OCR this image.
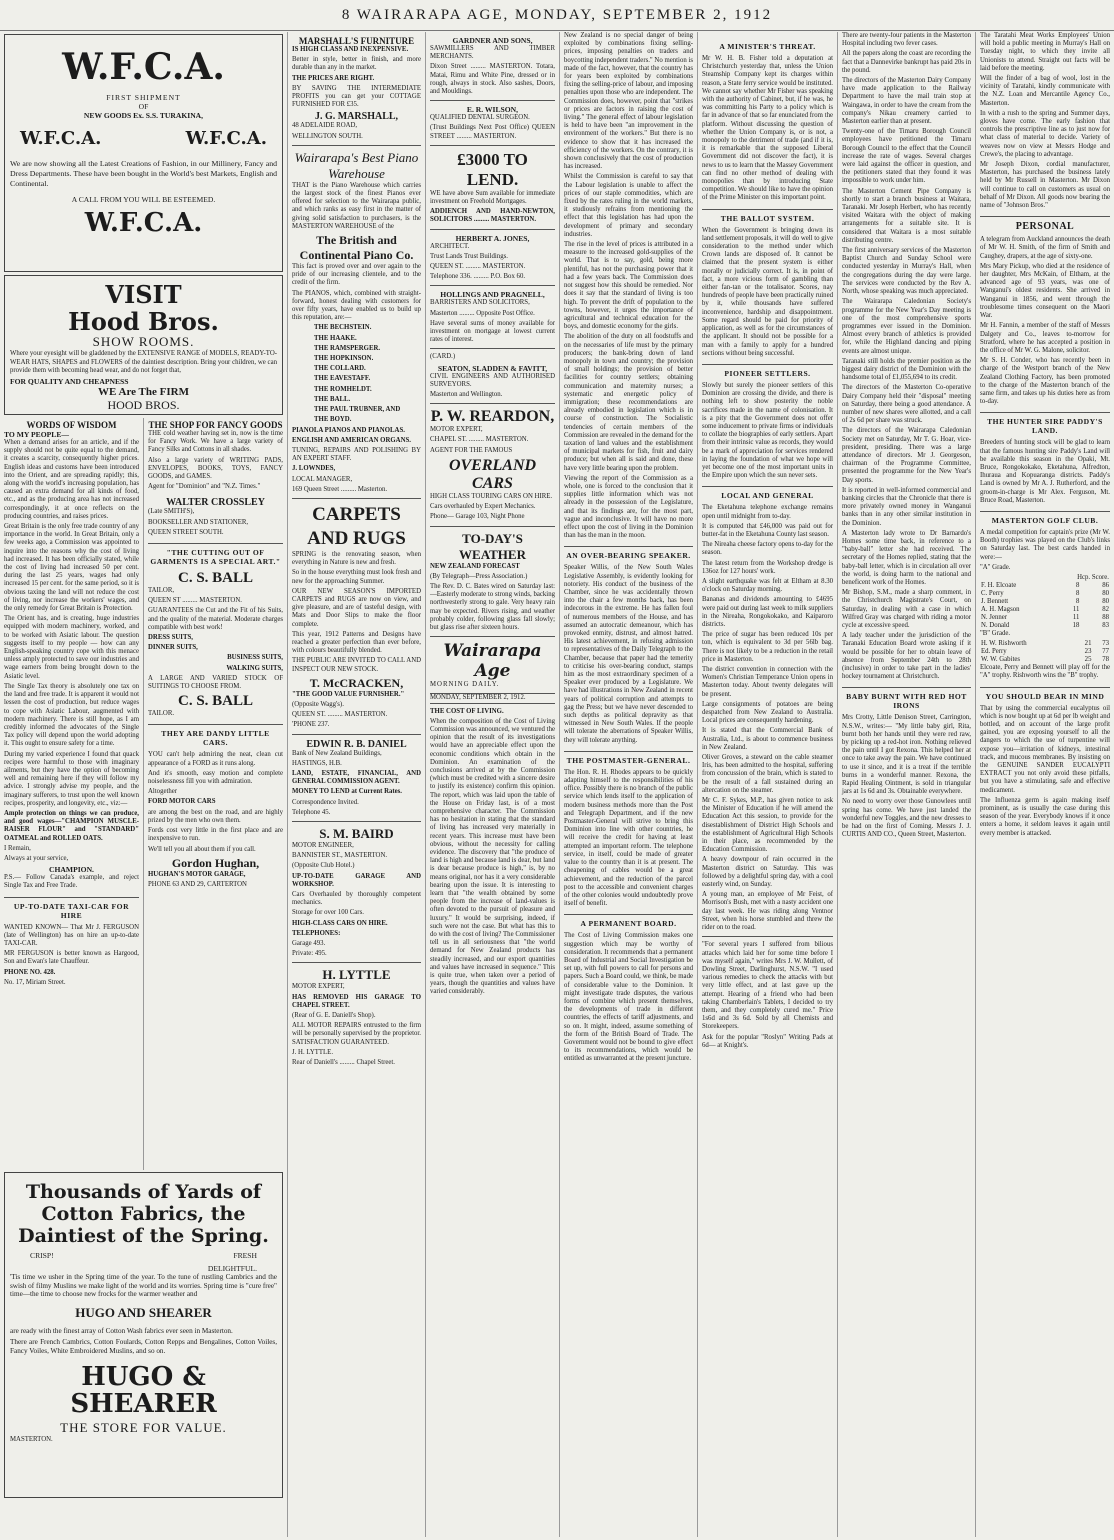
8 WAIRARAPA AGE, MONDAY, SEPTEMBER 2, 1912
W.F.C.A.
FIRST SHIPMENT
OF
NEW GOODS Ex. S.S. TURAKINA,
W.F.C.A.	W.F.C.A.
We are now showing all the Latest Creations of Fashion, in our Millinery, Fancy and Dress Departments. These have been bought in the World's best Markets, English and Continental.
A CALL FROM YOU WILL BE ESTEEMED.
W.F.C.A.
VISIT
Hood Bros.
SHOW ROOMS.
Where your eyesight will be gladdened by the EXTENSIVE RANGE of MODELS, READY-TO-WEAR HATS, SHAPES and FLOWERS of the daintiest description. Bring your children, we can provide them with becoming head wear, and do not forget that,
FOR QUALITY AND CHEAPNESS
WE Are The FIRM
HOOD BROS.
WORDS OF WISDOM
TO MY PEOPLE—
When a demand arises for an article, and if the supply should not be quite equal to the demand, it creates a scarcity, consequently higher prices. English ideas and customs have been introduced into the Orient, and are spreading rapidly; this, along with the world's increasing population, has caused an extra demand for all kinds of food, etc., and as the producing area has not increased correspondingly, it at once reflects on the producing countries, and raises prices.
Great Britain is the only free trade country of any importance in the world. In Great Britain, only a few weeks ago, a Commission was appointed to inquire into the reasons why the cost of living had increased. It has been officially stated, while the cost of living had increased 50 per cent. during the last 25 years, wages had only increased 15 per cent. for the same period, so it is obvious taxing the land will not reduce the cost of living, nor increase the workers' wages, and the only remedy for Great Britain is Protection.
The Orient has, and is creating, huge industries equipped with modern machinery, worked, and to be worked with Asiatic labour. The question suggests itself to my people — how can any English-speaking country cope with this menace unless amply protected to save our industries and wage earners from being brought down to the Asiatic level.
The Single Tax theory is absolutely one tax on the land and free trade. It is apparent it would not lessen the cost of production, but reduce wages to cope with Asiatic Labour, augmented with modern machinery. There is still hope, as I am credibly informed the advocates of the Single Tax policy will depend upon the world adopting it. This ought to ensure safety for a time.
During my varied experience I found that quack recipes were harmful to those with imaginary ailments, but they have the option of becoming well and remaining here if they will follow my advice. I strongly advise my people, and the imaginary sufferers, to trust upon the well known recipes, prosperity, and longevity, etc., viz:—
Ample protection on things we can produce, and good wages—"CHAMPION MUSCLE-RAISER FLOUR" and "STANDARD" OATMEAL and ROLLED OATS.
I Remain,
Always at your service,
CHAMPION.
P.S.— Follow Canada's example, and reject Single Tax and Free Trade.
UP-TO-DATE TAXI-CAR FOR HIRE
WANTED KNOWN— That Mr J. FERGUSON (late of Wellington) has on hire an up-to-date TAXI-CAR.
MR FERGUSON is better known as Hargood, Son and Ewan's late Chauffeur.
PHONE NO. 428.
No. 17, Miriam Street.
THE SHOP FOR FANCY GOODS
THE cold weather having set in, now is the time for Fancy Work. We have a large variety of Fancy Silks and Cottons in all shades.
Also a large variety of WRITING PADS, ENVELOPES, BOOKS, TOYS, FANCY GOODS, and GAMES.
Agent for "Dominion" and "N.Z. Times."
WALTER CROSSLEY
(Late SMITH'S),
BOOKSELLER AND STATIONER,
QUEEN STREET SOUTH.
"THE CUTTING OUT OF GARMENTS IS A SPECIAL ART."
C. S. BALL
TAILOR,
QUEEN ST ......... MASTERTON.
GUARANTEES the Cut and the Fit of his Suits, and the quality of the material. Moderate charges compatible with best work!
DRESS SUITS,
DINNER SUITS,
BUSINESS SUITS,
WALKING SUITS,
A LARGE AND VARIED STOCK OF SUITINGS TO CHOOSE FROM.
C. S. BALL
TAILOR.
THEY ARE DANDY LITTLE CARS.
YOU can't help admiring the neat, clean cut appearance of a FORD as it runs along.
And it's smooth, easy motion and complete noiselessness fill you with admiration.
Altogether
FORD MOTOR CARS
are among the best on the road, and are highly prized by the men who own them.
Fords cost very little in the first place and are inexpensive to run.
We'll tell you all about them if you call.
Gordon Hughan,
HUGHAN'S MOTOR GARAGE,
PHONE 63 AND 29, CARTERTON
Thousands of Yards of Cotton Fabrics, the Daintiest of the Spring.
CRISP!	FRESH
DELIGHTFUL.
'Tis time we usher in the Spring time of the year. To the tune of rustling Cambrics and the swish of filmy Muslins we make light of the world and its worries. Spring time is "cure free" time—the time to choose new frocks for the warmer weather and
HUGO AND SHEARER
are ready with the finest array of Cotton Wash fabrics ever seen in Masterton.
There are French Cambrics, Cotton Foulards, Cotton Repps and Bengalines, Cotton Voiles, Fancy Voiles, White Embroidered Muslins, and so on.
HUGO & SHEARER
THE STORE FOR VALUE.
MASTERTON.
MARSHALL'S FURNITURE
IS HIGH CLASS AND INEXPENSIVE.
Better in style, better in finish, and more durable than any in the market.
THE PRICES ARE RIGHT.
BY SAVING THE INTERMEDIATE PROFITS you can get your COTTAGE FURNISHED FOR £35.
J. G. MARSHALL,
48 ADELAIDE ROAD,
WELLINGTON SOUTH.
Wairarapa's Best Piano Warehouse
THAT is the Piano Warehouse which carries the largest stock of the finest Pianos ever offered for selection to the Wairarapa public, and which ranks as easy first in the matter of giving solid satisfaction to purchasers, is the MASTERTON WAREHOUSE of the
The British and Continental Piano Co.
This fact is proved over and over again to the pride of our increasing clientele, and to the credit of the firm.
The PIANOS, which, combined with straight-forward, honest dealing with customers for over fifty years, have enabled us to build up this reputation, are:—
THE BECHSTEIN.
THE HAAKE.
THE RAMSPERGER.
THE HOPKINSON.
THE COLLARD.
THE EAVESTAFF.
THE ROMHELDT.
THE BALL.
THE PAUL TRUBNER, AND
THE BOYD.
PIANOLA PIANOS AND PIANOLAS.
ENGLISH AND AMERICAN ORGANS.
TUNING, REPAIRS AND POLISHING BY AN EXPERT STAFF.
J. LOWNDES,
LOCAL MANAGER,
169 Queen Street ......... Masterton.
CARPETS AND RUGS
SPRING is the renovating season, when everything in Nature is new and fresh.
So in the house everything must look fresh and new for the approaching Summer.
OUR NEW SEASON'S IMPORTED CARPETS and RUGS are now on view, and give pleasure, and are of tasteful design, with Mats and Door Slips to make the floor complete.
This year, 1912 Patterns and Designs have reached a greater perfection than ever before, with colours beautifully blended.
THE PUBLIC ARE INVITED TO CALL AND INSPECT OUR NEW STOCK.
T. McCRACKEN,
"THE GOOD VALUE FURNISHER."
(Opposite Wagg's).
QUEEN ST. ......... MASTERTON.
'PHONE 237.
EDWIN R. B. DANIEL
Bank of New Zealand Buildings,
HASTINGS, H.B.
LAND, ESTATE, FINANCIAL, AND GENERAL COMMISSION AGENT.
MONEY TO LEND at Current Rates.
Correspondence Invited.
Telephone 45.
S. M. BAIRD
MOTOR ENGINEER,
BANNISTER ST., MASTERTON.
(Opposite Club Hotel.)
UP-TO-DATE GARAGE AND WORKSHOP.
Cars Overhauled by thoroughly competent mechanics.
Storage for over 100 Cars.
HIGH-CLASS CARS ON HIRE.
TELEPHONES:
Garage 493.
Private: 495.
H. LYTTLE
MOTOR EXPERT,
HAS REMOVED HIS GARAGE TO CHAPEL STREET.
(Rear of G. E. Daniell's Shop).
ALL MOTOR REPAIRS entrusted to the firm will be personally supervised by the proprietor. SATISFACTION GUARANTEED.
J. H. LYTTLE.
Rear of Daniell's ......... Chapel Street.
GARDNER AND SONS,
SAWMILLERS AND TIMBER MERCHANTS.
Dixon Street ......... MASTERTON. Totara, Matai, Rimu and White Pine, dressed or in rough, always in stock. Also sashes, Doors, and Mouldings.
E. R. WILSON,
QUALIFIED DENTAL SURGEON.
(Trust Buildings Next Post Office) QUEEN STREET ......... MASTERTON.
£3000 TO LEND.
WE have above Sum available for immediate investment on Freehold Mortgages.
ADDIENCH AND HAND-NEWTON, SOLICITORS ......... MASTERTON.
HERBERT A. JONES,
ARCHITECT.
Trust Lands Trust Buildings.
QUEEN ST. ......... MASTERTON.
Telephone 336. ......... P.O. Box 60.
HOLLINGS AND PRAGNELL,
BARRISTERS AND SOLICITORS,
Masterton ......... Opposite Post Office.
Have several sums of money available for investment on mortgage at lowest current rates of interest.
(CARD.)
SEATON, SLADDEN & FAVITT,
CIVIL ENGINEERS AND AUTHORISED SURVEYORS.
Masterton and Wellington.
P. W. REARDON,
MOTOR EXPERT,
CHAPEL ST. ......... MASTERTON.
AGENT FOR THE FAMOUS
OVERLAND CARS
HIGH CLASS TOURING CARS ON HIRE.
Cars overhauled by Expert Mechanics.
Phone— Garage 103, Night Phone
TO-DAY'S WEATHER
NEW ZEALAND FORECAST
(By Telegraph—Press Association.)
The Rev. D. C. Bates wired on Saturday last:—Easterly moderate to strong winds, backing northwesterly strong to gale. Very heavy rain may be expected. Rivers rising, and weather probably colder, following glass fall slowly; but glass rise after sixteen hours.
Wairarapa Age
MORNING DAILY.
MONDAY, SEPTEMBER 2, 1912.
THE COST OF LIVING.
When the composition of the Cost of Living Commission was announced, we ventured the opinion that the result of its investigations would have an appreciable effect upon the economic conditions which obtain in the Dominion. An examination of the conclusions arrived at by the Commission (which must be credited with a sincere desire to justify its existence) confirm this opinion. The report, which was laid upon the table of the House on Friday last, is of a most comprehensive character. The Commission has no hesitation in stating that the standard of living has increased very materially in recent years. This increase must have been obvious, without the necessity for calling evidence. The discovery that "the produce of land is high and because land is dear, but land is dear because produce is high," is, by no means original, nor has it a very considerable bearing upon the issue. It is interesting to learn that "the wealth obtained by some people from the increase of land-values is often devoted to the pursuit of pleasure and luxury." It would be surprising, indeed, if such were not the case. But what has this to do with the cost of living? The Commissioner tell us in all seriousness that "the world demand for New Zealand products has steadily increased, and our export quantities and values have increased in sequence." This is quite true, when taken over a period of years, though the quantities and values have varied considerably.
New Zealand is no special danger of being exploited by combinations fixing selling-prices, imposing penalties on traders and boycotting independent traders." No mention is made of the fact, however, that the country has for years been exploited by combinations fixing the selling-price of labour, and imposing penalties upon those who are independent. The Commission does, however, point that "strikes or prices are factors in raising the cost of living." The general effect of labour legislation is held to have been "an improvement in the environment of the workers." But there is no evidence to show that it has increased the efficiency of the workers. On the contrary, it is shown conclusively that the cost of production has increased.
Whilst the Commission is careful to say that the Labour legislation is unable to affect the prices of our staple commodities, which are fixed by the rates ruling in the world markets, it studiously refrains from mentioning the effect that this legislation has had upon the development of primary and secondary industries.
The rise in the level of prices is attributed in a measure to the increased gold-supplies of the world. That is to say, gold, being more plentiful, has not the purchasing power that it had a few years back. The Commission does not suggest how this should be remedied. Nor does it say that the standard of living is too high. To prevent the drift of population to the towns, however, it urges the importance of agricultural and technical education for the boys, and domestic economy for the girls.
The abolition of the duty on all foodstuffs and on the necessaries of life must by the primary producers; the bank-bring down of land monopoly in town and country; the provision of small holdings; the provision of better facilities for country settlers; obtaining communication and maternity nurses; a systematic and energetic policy of immigration; these recommendations are already embodied in legislation which is in course of construction. The Socialistic tendencies of certain members of the Commission are revealed in the demand for the taxation of land values and the establishment of municipal markets for fish, fruit and dairy produce; but when all is said and done, these have very little bearing upon the problem.
Viewing the report of the Commission as a whole, one is forced to the conclusion that it supplies little information which was not already in the possession of the Legislature, and that its findings are, for the most part, vague and inconclusive. It will have no more effect upon the cost of living in the Dominion than has the man in the moon.
AN OVER-BEARING SPEAKER.
Speaker Willis, of the New South Wales Legislative Assembly, is evidently looking for notoriety. His conduct of the business of the Chamber, since he was accidentally thrown into the chair a few months back, has been indecorous in the extreme. He has fallen foul of numerous members of the House, and has assumed an autocratic demeanour, which has provoked enmity, distrust, and almost hatred. His latest achievement, in refusing admission to representatives of the Daily Telegraph to the Chamber, because that paper had the temerity to criticise his over-bearing conduct, stamps him as the most extraordinary specimen of a Speaker ever produced by a Legislature. We have had illustrations in New Zealand in recent years of political corruption and attempts to gag the Press; but we have never descended to such depths as political depravity as that witnessed in New South Wales. If the people will tolerate the aberrations of Speaker Willis, they will tolerate anything.
THE POSTMASTER-GENERAL.
The Hon. R. H. Rhodes appears to be quickly adapting himself to the responsibilities of his office. Possibly there is no branch of the public service which lends itself to the application of modern business methods more than the Post and Telegraph Department, and if the new Postmaster-General will strive to bring this Dominion into line with other countries, he will receive the credit for having at least attempted an important reform. The telephone service, in itself, could be made of greater value to the country than it is at present. The cheapening of cables would be a great achievement, and the reduction of the parcel post to the accessible and convenient charges of the other colonies would undoubtedly prove itself of benefit.
A PERMANENT BOARD.
The Cost of Living Commission makes one suggestion which may be worthy of consideration. It recommends that a permanent Board of Industrial and Social Investigation be set up, with full powers to call for persons and papers. Such a Board could, we think, be made of considerable value to the Dominion. It might investigate trade disputes, the various forms of combine which present themselves, the developments of trade in different countries, the effects of tariff adjustments, and so on. It might, indeed, assume something of the form of the British Board of Trade. The Government would not be bound to give effect to its recommendations, which would be entitled as unwarranted at the present juncture.
A MINISTER'S THREAT.
Mr W. H. B. Fisher told a deputation at Christchurch yesterday that, unless the Union Steamship Company kept its charges within reason, a State ferry service would be instituted. We cannot say whether Mr Fisher was speaking with the authority of Cabinet, but, if he was, he was committing his Party to a policy which is far in advance of that so far enunciated from the platform. Without discussing the question of whether the Union Company is, or is not, a monopoly to the detriment of trade (and if it is, it is remarkable that the supposed Liberal Government did not discover the fact), it is news to us to learn that the Massey Government can find no other method of dealing with monopolies than by introducing State competition. We should like to have the opinion of the Prime Minister on this important point.
THE BALLOT SYSTEM.
When the Government is bringing down its land settlement proposals, it will do well to give consideration to the method under which Crown lands are disposed of. It cannot be claimed that the present system is either morally or judicially correct. It is, in point of fact, a more vicious form of gambling than either fan-tan or the totalisator. Scores, nay hundreds of people have been practically ruined by it, while thousands have suffered inconvenience, hardship and disappointment. Some regard should be paid for priority of application, as well as for the circumstances of the applicant. It should not be possible for a man with a family to apply for a hundred sections without being successful.
PIONEER SETTLERS.
Slowly but surely the pioneer settlers of this Dominion are crossing the divide, and there is nothing left to show posterity the noble sacrifices made in the name of colonisation. It is a pity that the Government does not offer some inducement to private firms or individuals to collate the biographies of early settlers. Apart from their intrinsic value as records, they would be a mark of appreciation for services rendered in laying the foundation of what we hope will yet become one of the most important units in the Empire upon which the sun never sets.
LOCAL AND GENERAL
The Eketahuna telephone exchange remains open until midnight from to-day.
It is computed that £46,000 was paid out for butter-fat in the Eketahuna County last season.
The Nireaha cheese factory opens to-day for the season.
The latest return from the Workshop dredge is 136oz for 127 hours' work.
A slight earthquake was felt at Eltham at 8.30 o'clock on Saturday morning.
Bananas and dividends amounting to £4695 were paid out during last week to milk suppliers in the Nireaha, Rongokokako, and Kaiparoro districts.
The price of sugar has been reduced 10s per ton, which is equivalent to 3d per 56lb bag. There is not likely to be a reduction in the retail price in Masterton.
The district convention in connection with the Women's Christian Temperance Union opens in Masterton today. About twenty delegates will be present.
Large consignments of potatoes are being despatched from New Zealand to Australia. Local prices are consequently hardening.
It is stated that the Commercial Bank of Australia, Ltd., is about to commence business in New Zealand.
Oliver Groves, a steward on the cable steamer Iris, has been admitted to the hospital, suffering from concussion of the brain, which is stated to be the result of a fall sustained during an altercation on the steamer.
Mr C. F. Sykes, M.P., has given notice to ask the Minister of Education if he will amend the Education Act this session, to provide for the disestablishment of District High Schools and the establishment of Agricultural High Schools in their place, as recommended by the Education Commission.
A heavy downpour of rain occurred in the Masterton district on Saturday. This was followed by a delightful spring day, with a cool easterly wind, on Sunday.
A young man, an employee of Mr Feist, of Morrison's Bush, met with a nasty accident one day last week. He was riding along Ventnor Street, when his horse stumbled and threw the rider on to the road.
"For several years I suffered from bilious attacks which laid her for some time before I was myself again," writes Mrs J. W. Mullett, of Dowling Street, Darlinghurst, N.S.W. "I used various remedies to check the attacks with but very little effect, and at last gave up the attempt. Hearing of a friend who had been taking Chamberlain's Tablets, I decided to try them, and they completely cured me." Price 1s6d and 3s 6d. Sold by all Chemists and Storekeepers.
Ask for the popular "Roslyn" Writing Pads at 6d— at Knight's.
There are twenty-four patients in the Masterton Hospital including two fever cases.
All the papers along the coast are recording the fact that a Dannevirke bankrupt has paid 20s in the pound.
The directors of the Masterton Dairy Company have made application to the Railway Department to have the mail train stop at Waingawa, in order to have the cream from the company's Nikau creamery carried to Masterton earlier than at present.
Twenty-one of the Timaru Borough Council employees have petitioned the Timaru Borough Council to the effect that the Council increase the rate of wages. Several charges were laid against the officer in question, and the petitioners stated that they found it was impossible to work under him.
The Masterton Cement Pipe Company is shortly to start a branch business at Waitara, Taranaki. Mr Joseph Herbert, who has recently visited Waitara with the object of making arrangements for a suitable site. It is considered that Waitara is a most suitable distributing centre.
The first anniversary services of the Masterton Baptist Church and Sunday School were conducted yesterday in Murray's Hall, when the congregations during the day were large. The services were conducted by the Rev A. North, whose speaking was much appreciated.
The Wairarapa Caledonian Society's programme for the New Year's Day meeting is one of the most comprehensive sports programmes ever issued in the Dominion. Almost every branch of athletics is provided for, while the Highland dancing and piping events are almost unique.
Taranaki still holds the premier position as the biggest dairy district of the Dominion with the handsome total of £1,055,694 to its credit.
The directors of the Masterton Co-operative Dairy Company held their "disposal" meeting on Saturday, there being a good attendance. A number of new shares were allotted, and a call of 2s 6d per share was struck.
The directors of the Wairarapa Caledonian Society met on Saturday, Mr T. G. Hoar, vice-president, presiding. There was a large attendance of directors. Mr J. Georgeson, chairman of the Programme Committee, presented the programme for the New Year's Day sports.
It is reported in well-informed commercial and banking circles that the Chronicle that there is more privately owned money in Wanganui banks than in any other similar institution in the Dominion.
A Masterton lady wrote to Dr Barnardo's Homes some time back, in reference to a "baby-ball" letter she had received. The secretary of the Homes replied, stating that the baby-ball letter, which is in circulation all over the world, is doing harm to the national and beneficent work of the Homes.
Mr Bishop, S.M., made a sharp comment, in the Christchurch Magistrate's Court, on Saturday, in dealing with a case in which Wilfred Gray was charged with riding a motor cycle at excessive speed.
A lady teacher under the jurisdiction of the Taranaki Education Board wrote asking if it would be possible for her to obtain leave of absence from September 24th to 28th (inclusive) in order to take part in the ladies' hockey tournament at Christchurch.
BABY BURNT WITH RED HOT IRONS
Mrs Crotty, Little Denison Street, Carrington, N.S.W., writes:— "My little baby girl, Rita, burnt both her hands until they were red raw, by picking up a red-hot iron. Nothing relieved the pain until I got Rexona. This helped her at once to take away the pain. We have continued to use it since, and it is a treat if the terrible burns in a wonderful manner. Rexona, the Rapid Healing Ointment, is sold in triangular jars at 1s 6d and 3s. Obtainable everywhere.
No need to worry over those Gunowlees until spring has come. We have just landed the wonderful new Toggles, and the new dresses to be had on the first of Coming. Messrs J. J. CURTIS AND CO., Queen Street, Masterton.
The Taratahi Meat Works Employees' Union will hold a public meeting in Murray's Hall on Tuesday night, to which they invite all Unionists to attend. Straight out facts will be laid before the meeting.
Will the finder of a bag of wool, lost in the vicinity of Taratahi, kindly communicate with the N.Z. Loan and Mercantile Agency Co., Masterton.
In with a rush to the spring and Summer days, gloves have come. The early fashion that controls the prescriptive line as to just now for what class of material to decide. Variety of weaves now on view at Messrs Hodge and Crewe's, the placing to advantage.
Mr Joseph Dixon, cordial manufacturer, Masterton, has purchased the business lately held by Mr Russell in Masterton. Mr Dixon will continue to call on customers as usual on behalf of Mr Dixon. All goods now bearing the name of "Johnson Bros."
PERSONAL
A telegram from Auckland announces the death of Mr W. H. Smith, of the firm of Smith and Caughey, drapers, at the age of sixty-one.
Mrs Mary Pickup, who died at the residence of her daughter, Mrs McKain, of Eltham, at the advanced age of 93 years, was one of Wanganui's oldest residents. She arrived in Wanganui in 1856, and went through the troublesome times consequent on the Maori War.
Mr H. Fannin, a member of the staff of Messrs Dalgety and Co., leaves to-morrow for Stratford, where he has accepted a position in the office of Mr W. G. Malone, solicitor.
Mr S. H. Conder, who has recently been in charge of the Westport branch of the New Zealand Clothing Factory, has been promoted to the charge of the Masterton branch of the same firm, and takes up his duties here as from to-day.
THE HUNTER SIRE PADDY'S LAND.
Breeders of hunting stock will be glad to learn that the famous hunting sire Paddy's Land will be available this season in the Opaki, Mt. Bruce, Rongokokako, Eketahuna, Alfredton, Ihuraua and Kopuaranga districts. Paddy's Land is owned by Mr A. J. Rutherford, and the groom-in-charge is Mr Alex. Ferguson, Mt. Bruce Road, Masterton.
MASTERTON GOLF CLUB.
A medal competition for captain's prize (Mr W. Booth) trophies was played on the Club's links on Saturday last. The best cards handed in were:—
"A" Grade.
	Hcp. Score.	
F. H. Elcoate	8	86
C. Perry	8	80
J. Bennett	8	80
A. H. Magson	11	82
N. Jenner	11	88
N. Donald	18	83
"B" Grade.
H. W. Rishworth	21	73
Ed. Perry	23	77
W. W. Gabites	25	78
Elcoate, Perry and Bennett will play off for the "A" trophy. Rishworth wins the "B" trophy.
YOU SHOULD BEAR IN MIND
That by using the commercial eucalyptus oil which is now bought up at 6d per lb weight and bottled, and on account of the large profit gained, you are exposing yourself to all the dangers to which the use of turpentine will expose you—irritation of kidneys, intestinal track, and mucous membranes. By insisting on the GENUINE SANDER EUCALYPTI EXTRACT you not only avoid these pitfalls, but you have a stimulating, safe and effective medicament.
The Influenza germ is again making itself prominent, as is usually the case during this season of the year. Everybody knows if it once enters a home, it seldom leaves it again until every member is attacked.
